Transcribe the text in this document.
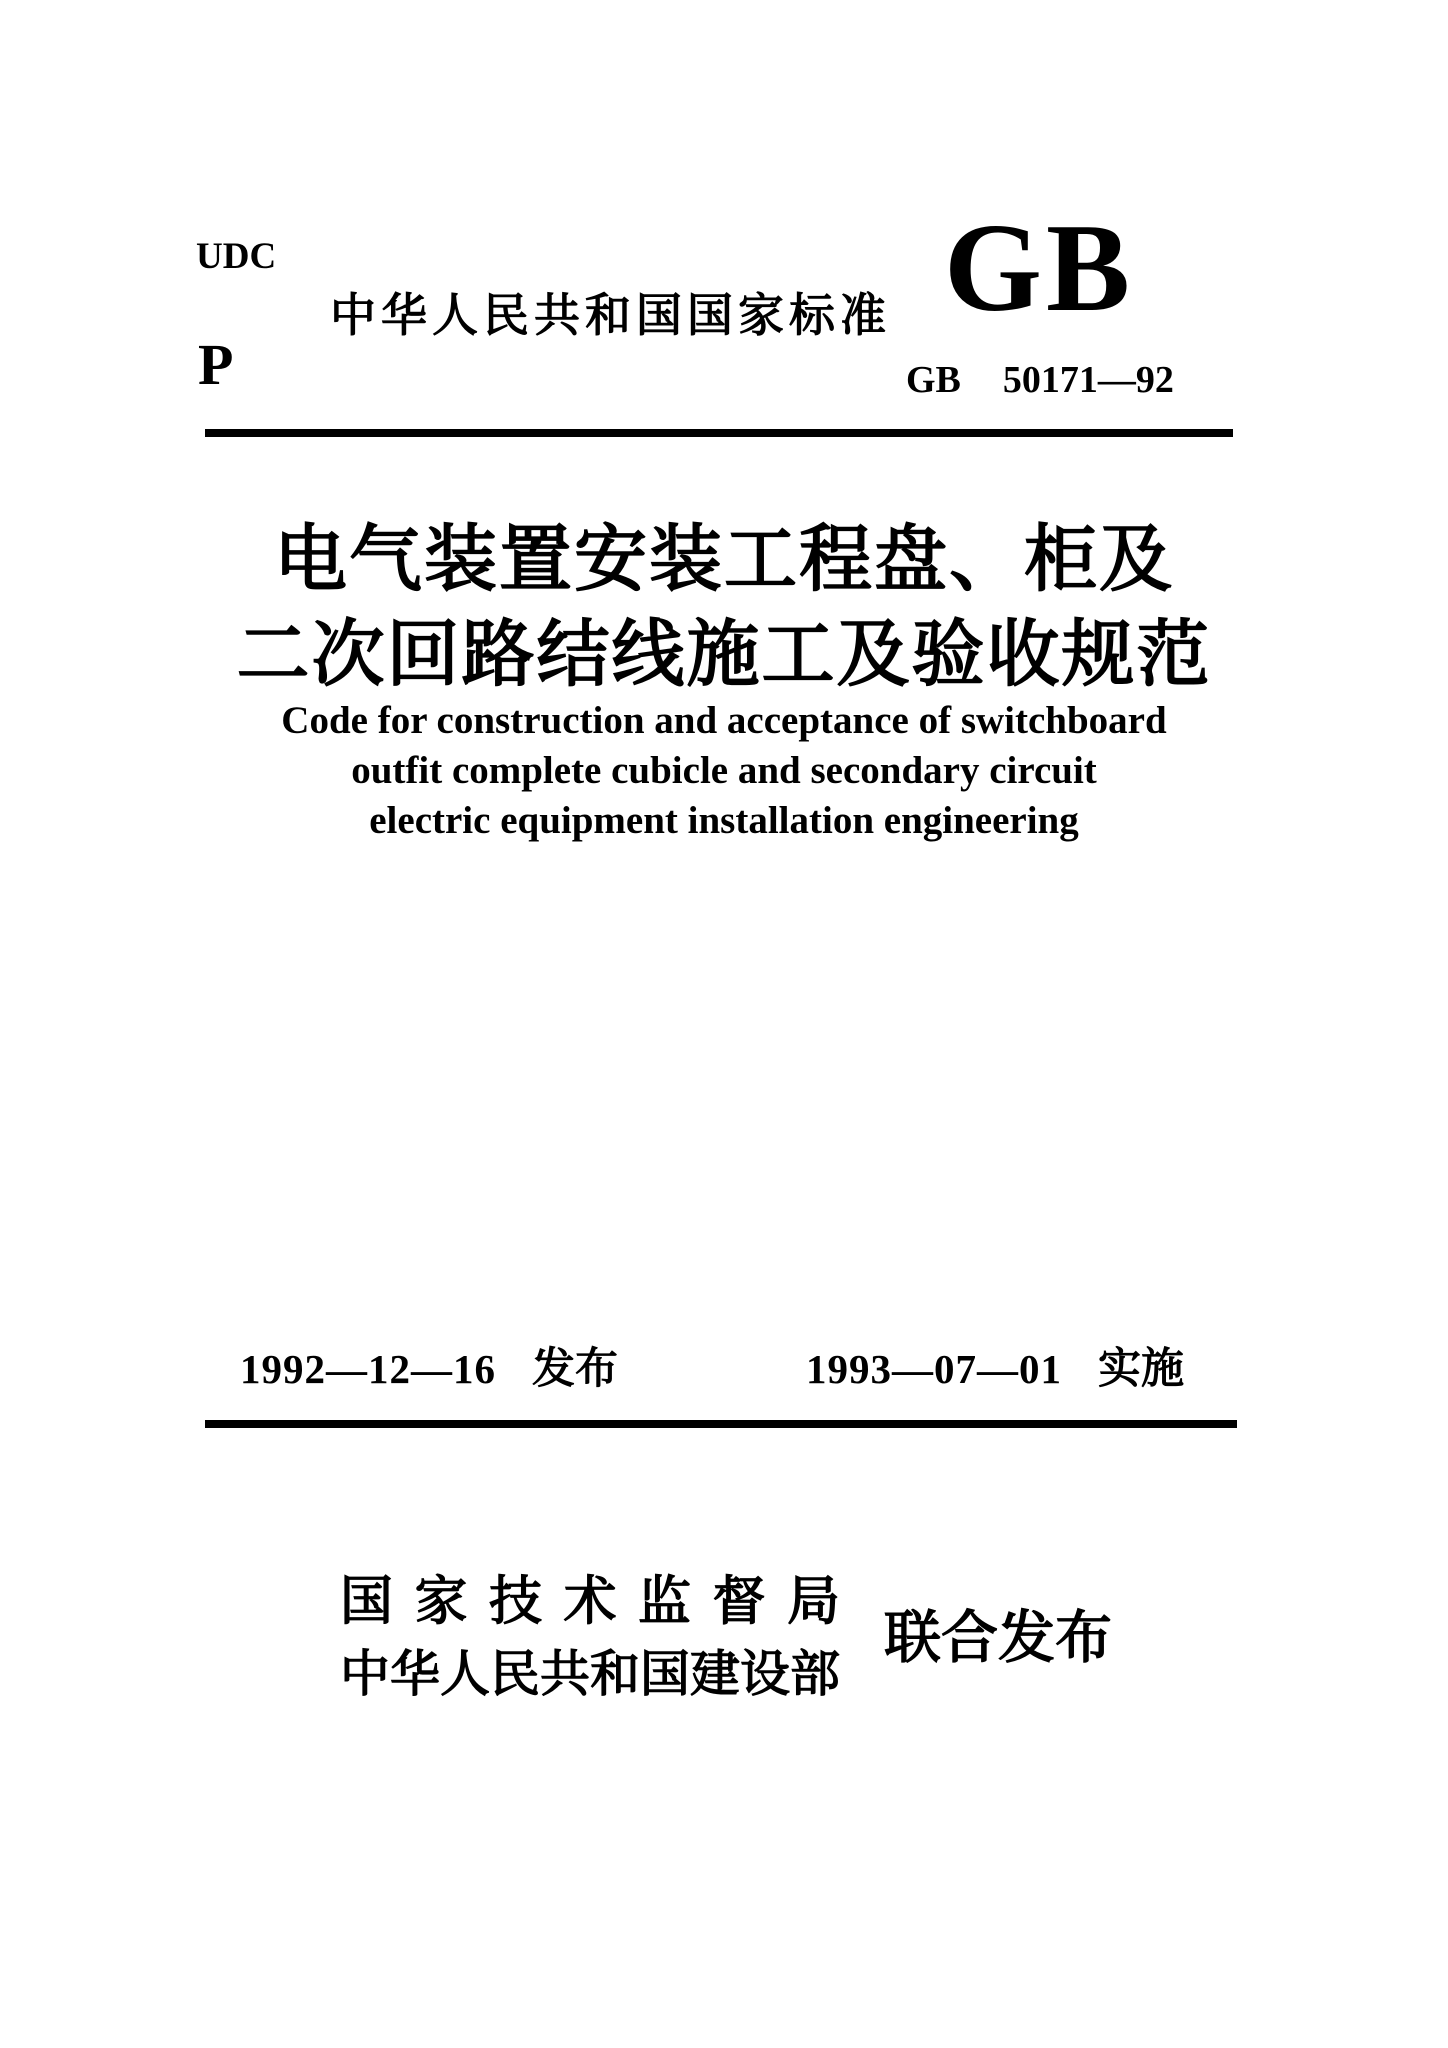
UDC
中华人民共和国国家标准 GB
P	GB 50171—92
电气装置安装工程盘、柜及
二次回路结线施工及验收规范
Code for construction and acceptance of switchboard
outfit complete cubicle and secondary circuit
electric equipment installation engineering
1992—12—16 发布	1993—07—01 实施
国 家 技 术 监 督 局
中华人民共和国建设部
联合发布
